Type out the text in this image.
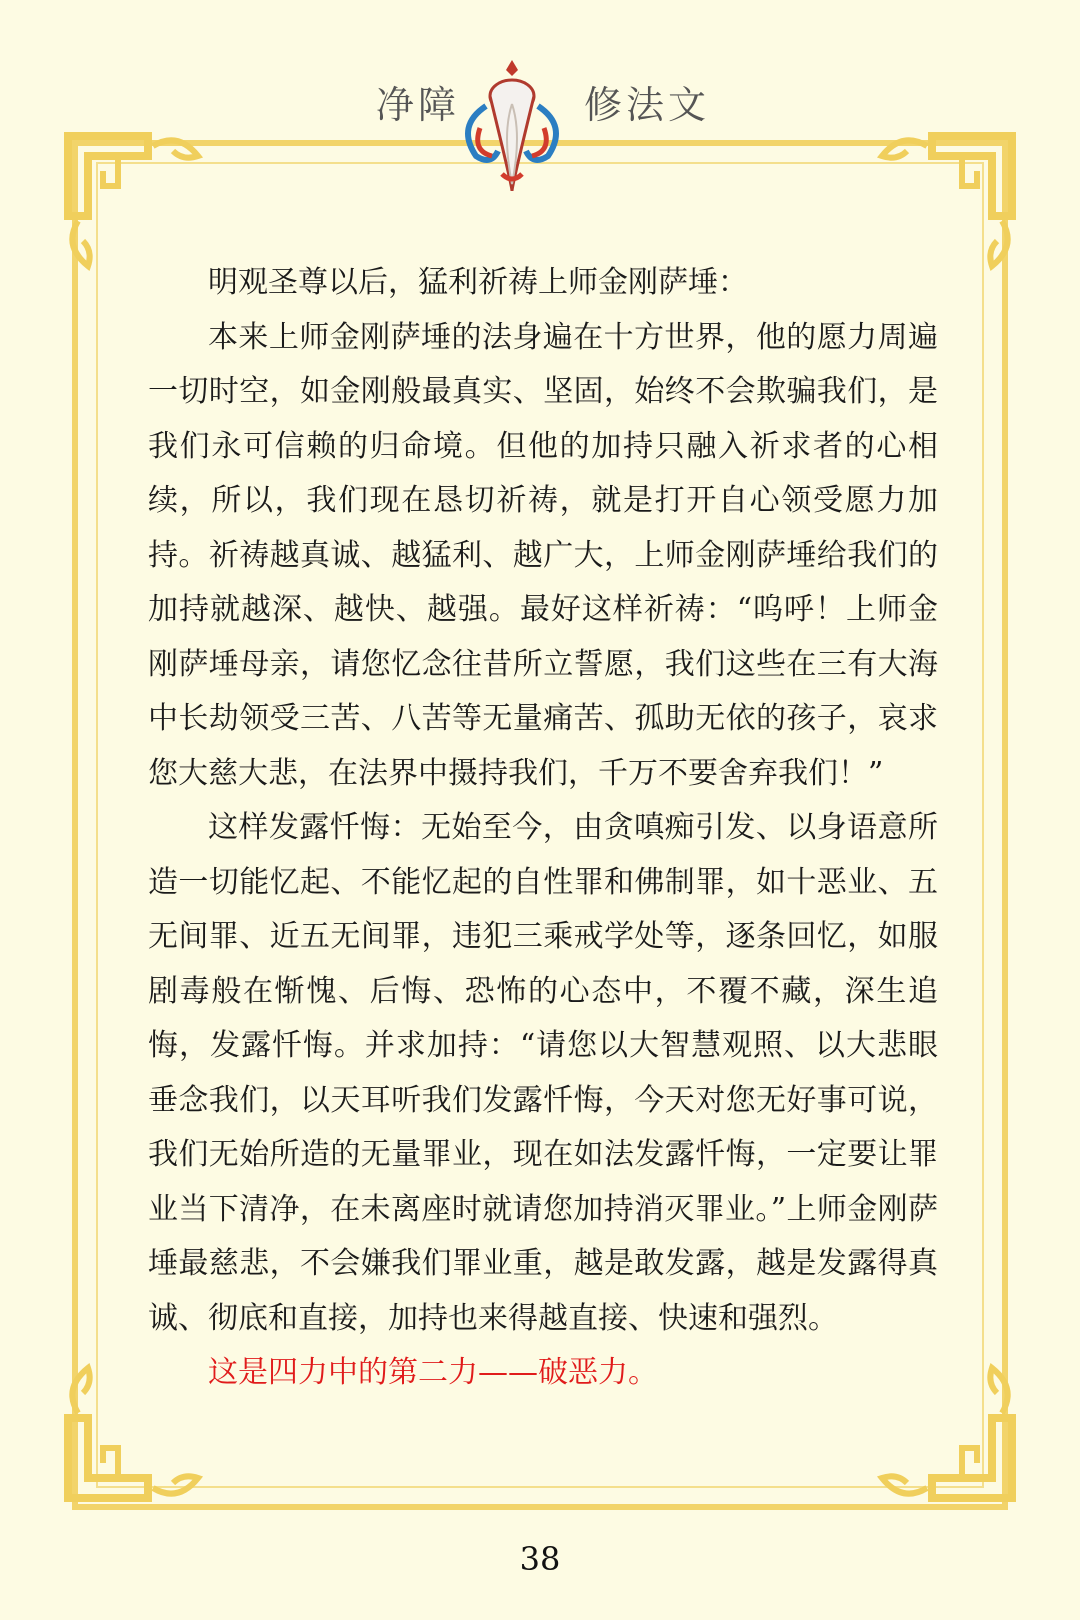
净障	修法文

明观圣尊以后，猛利祈祷上师金刚萨埵：

本来上师金刚萨埵的法身遍在十方世界，他的愿力周遍一切时空，如金刚般最真实、坚固，始终不会欺骗我们，是我们永可信赖的归命境。但他的加持只融入祈求者的心相续，所以，我们现在恳切祈祷，就是打开自心领受愿力加持。祈祷越真诚、越猛利、越广大，上师金刚萨埵给我们的加持就越深、越快、越强。最好这样祈祷：“呜呼！上师金刚萨埵母亲，请您忆念往昔所立誓愿，我们这些在三有大海中长劫领受三苦、八苦等无量痛苦、孤助无依的孩子，哀求您大慈大悲，在法界中摄持我们，千万不要舍弃我们！”

这样发露忏悔：无始至今，由贪嗔痴引发、以身语意所造一切能忆起、不能忆起的自性罪和佛制罪，如十恶业、五无间罪、近五无间罪，违犯三乘戒学处等，逐条回忆，如服剧毒般在惭愧、后悔、恐怖的心态中，不覆不藏，深生追悔，发露忏悔。并求加持：“请您以大智慧观照、以大悲眼垂念我们，以天耳听我们发露忏悔，今天对您无好事可说，我们无始所造的无量罪业，现在如法发露忏悔，一定要让罪业当下清净，在未离座时就请您加持消灭罪业。”上师金刚萨埵最慈悲，不会嫌我们罪业重，越是敢发露，越是发露得真诚、彻底和直接，加持也来得越直接、快速和强烈。

这是四力中的第二力——破恶力。

38
